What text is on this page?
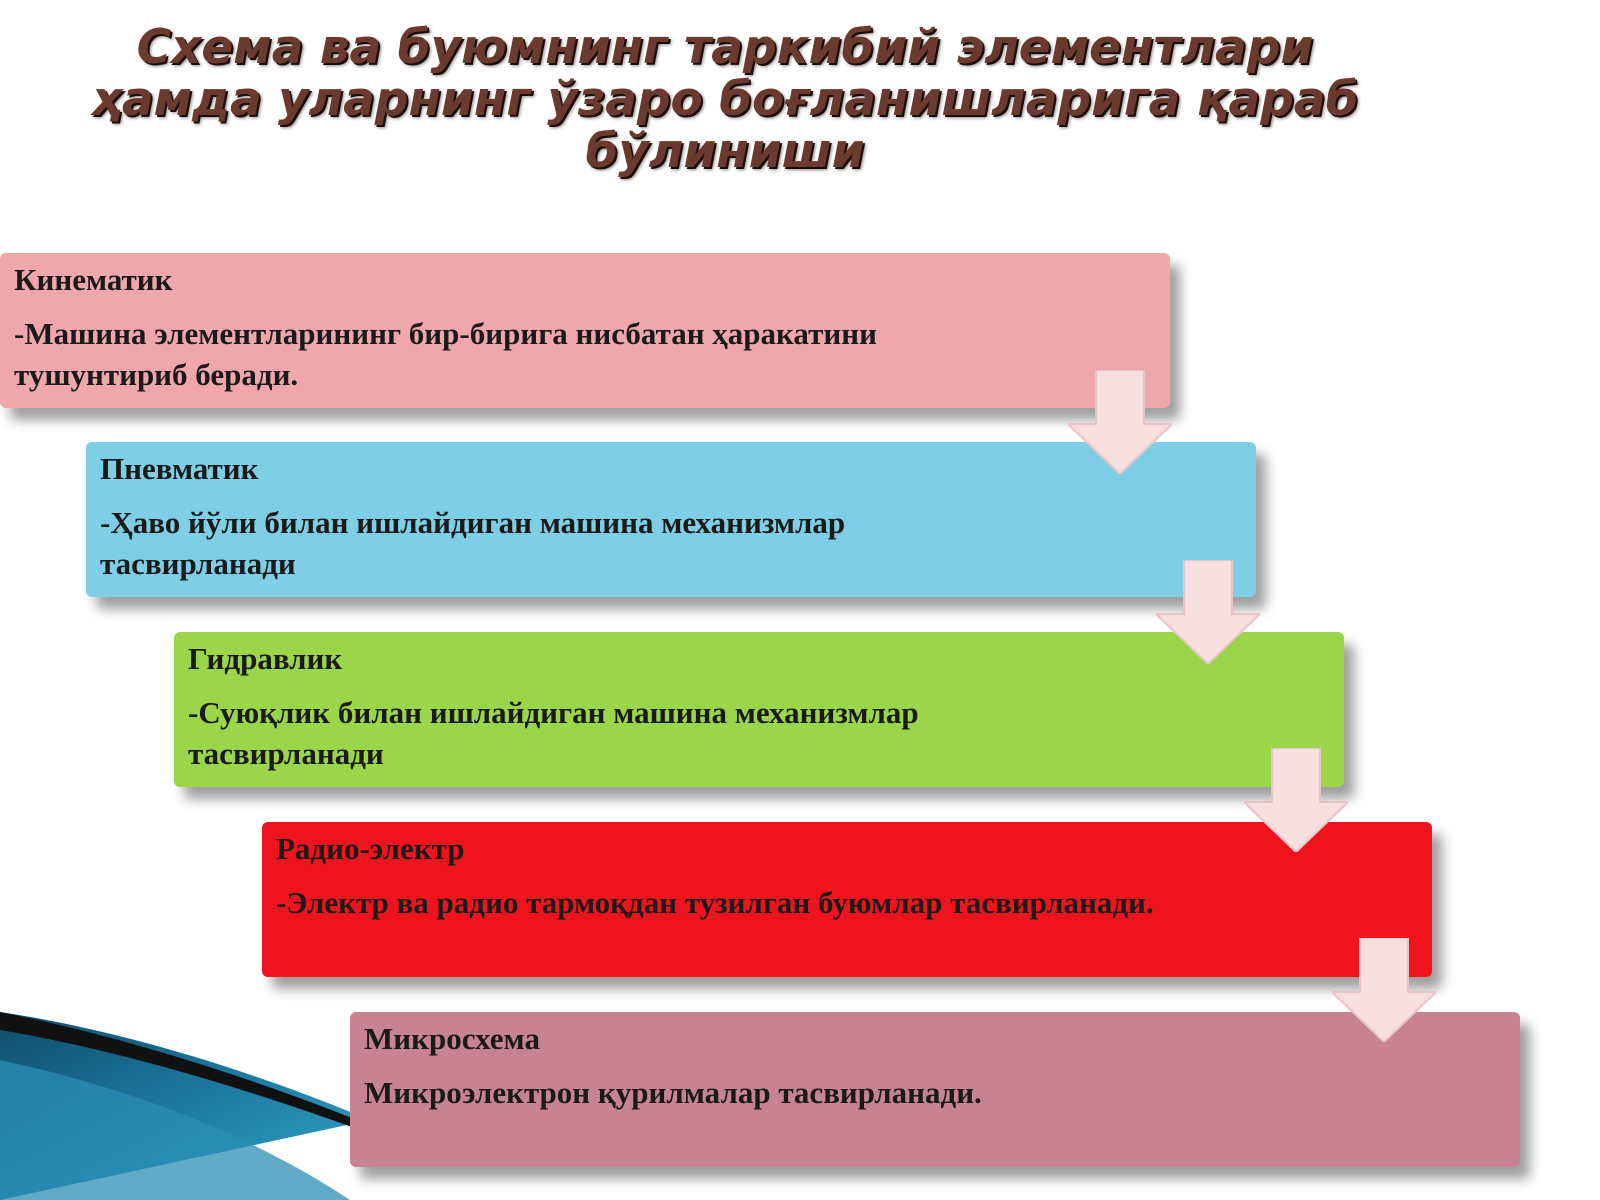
Схема ва буюмнинг таркибий элементлари
ҳамда уларнинг ўзаро боғланишларига қараб
бўлиниши

Кинематик

-Машина элементларининг бир-бирига нисбатан ҳаракатини тушунтириб беради.

Пневматик

-Ҳаво йўли билан ишлайдиган машина механизмлар тасвирланади

Гидравлик

-Суюқлик билан ишлайдиган машина механизмлар тасвирланади

Радио-электр

-Электр ва радио тармоқдан тузилган буюмлар тасвирланади.

Микросхема

Микроэлектрон қурилмалар тасвирланади.
